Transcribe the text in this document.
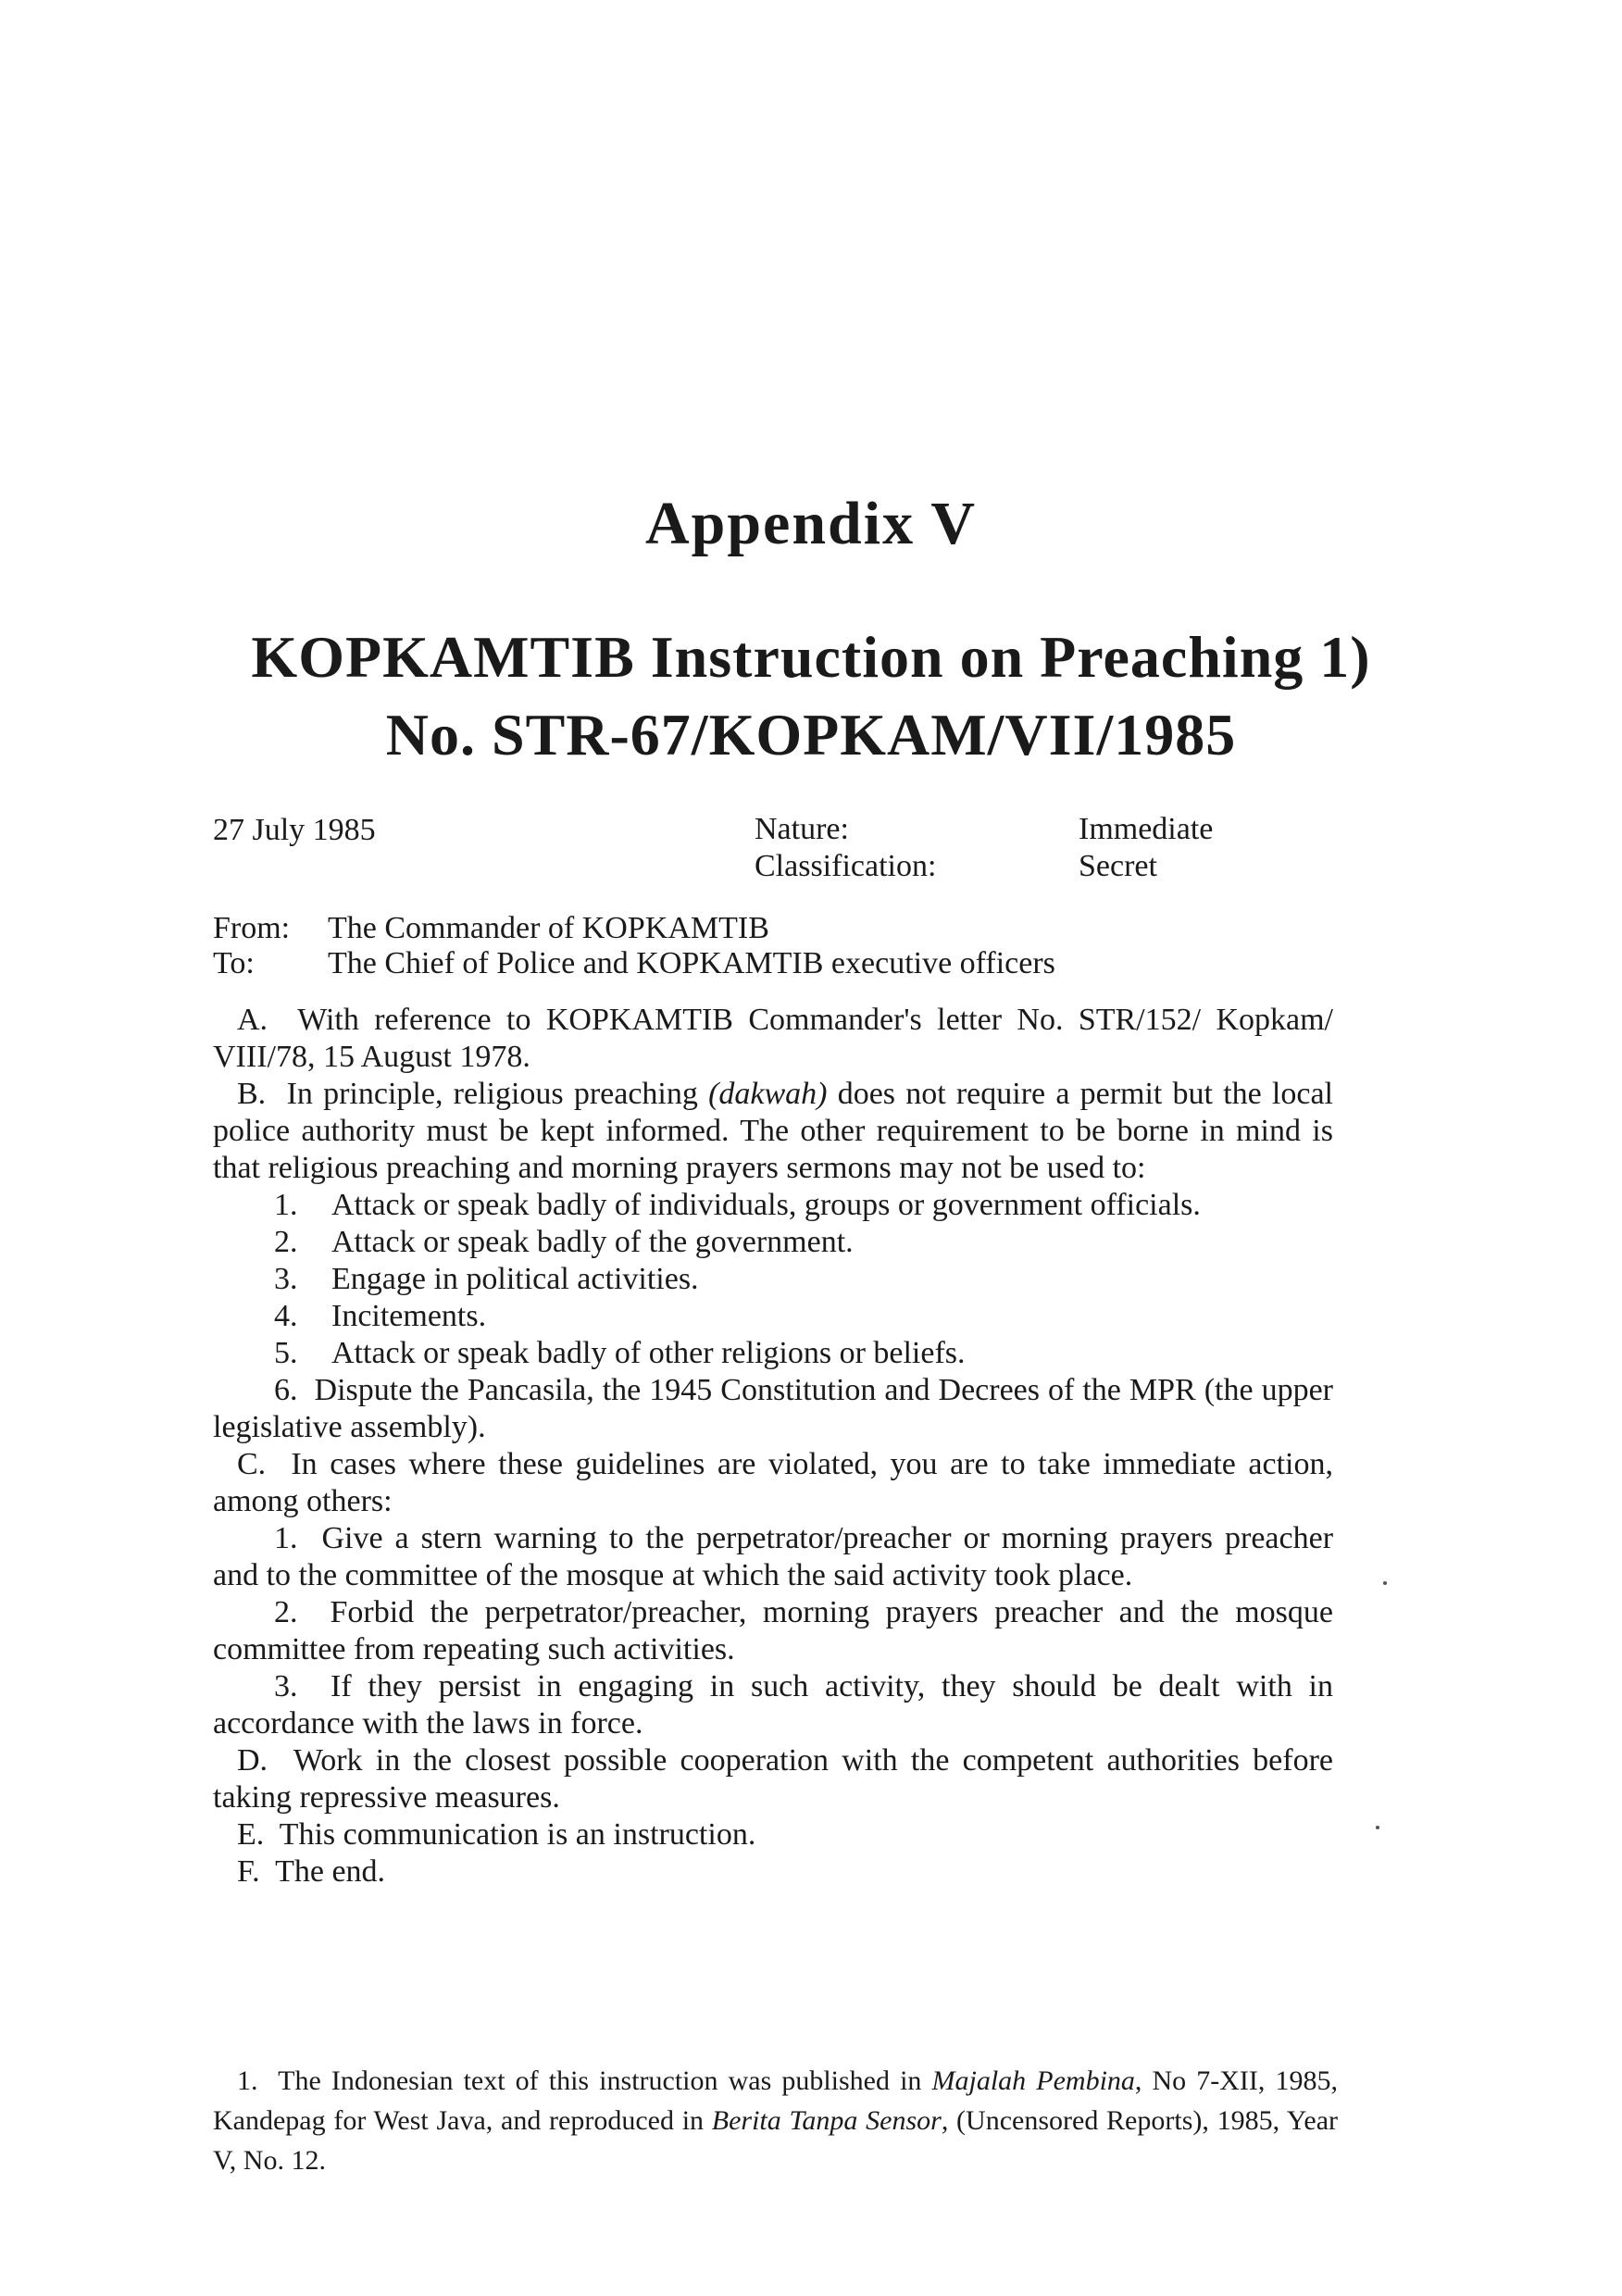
Appendix V
KOPKAMTIB Instruction on Preaching 1)
No. STR-67/KOPKAM/VII/1985
27 July 1985	Nature:
Classification:
Immediate
Secret
From: The Commander of KOPKAMTIB
To: The Chief of Police and KOPKAMTIB executive officers

A. With reference to KOPKAMTIB Commander's letter No. STR/152/ Kopkam/ VIII/78, 15 August 1978.

B. In principle, religious preaching (dakwah) does not require a permit but the local police authority must be kept informed. The other requirement to be borne in mind is that religious preaching and morning prayers sermons may not be used to:

1. Attack or speak badly of individuals, groups or government officials.

2. Attack or speak badly of the government.

3. Engage in political activities.

4. Incitements.

5. Attack or speak badly of other religions or beliefs.

6. Dispute the Pancasila, the 1945 Constitution and Decrees of the MPR (the upper legislative assembly).

C. In cases where these guidelines are violated, you are to take immediate action, among others:

1. Give a stern warning to the perpetrator/preacher or morning prayers preacher and to the committee of the mosque at which the said activity took place.

2. Forbid the perpetrator/preacher, morning prayers preacher and the mosque committee from repeating such activities.

3. If they persist in engaging in such activity, they should be dealt with in accordance with the laws in force.

D. Work in the closest possible cooperation with the competent authorities before taking repressive measures.

E. This communication is an instruction.

F. The end.

1. The Indonesian text of this instruction was published in Majalah Pembina, No 7-XII, 1985, Kandepag for West Java, and reproduced in Berita Tanpa Sensor, (Uncensored Reports), 1985, Year V, No. 12.
